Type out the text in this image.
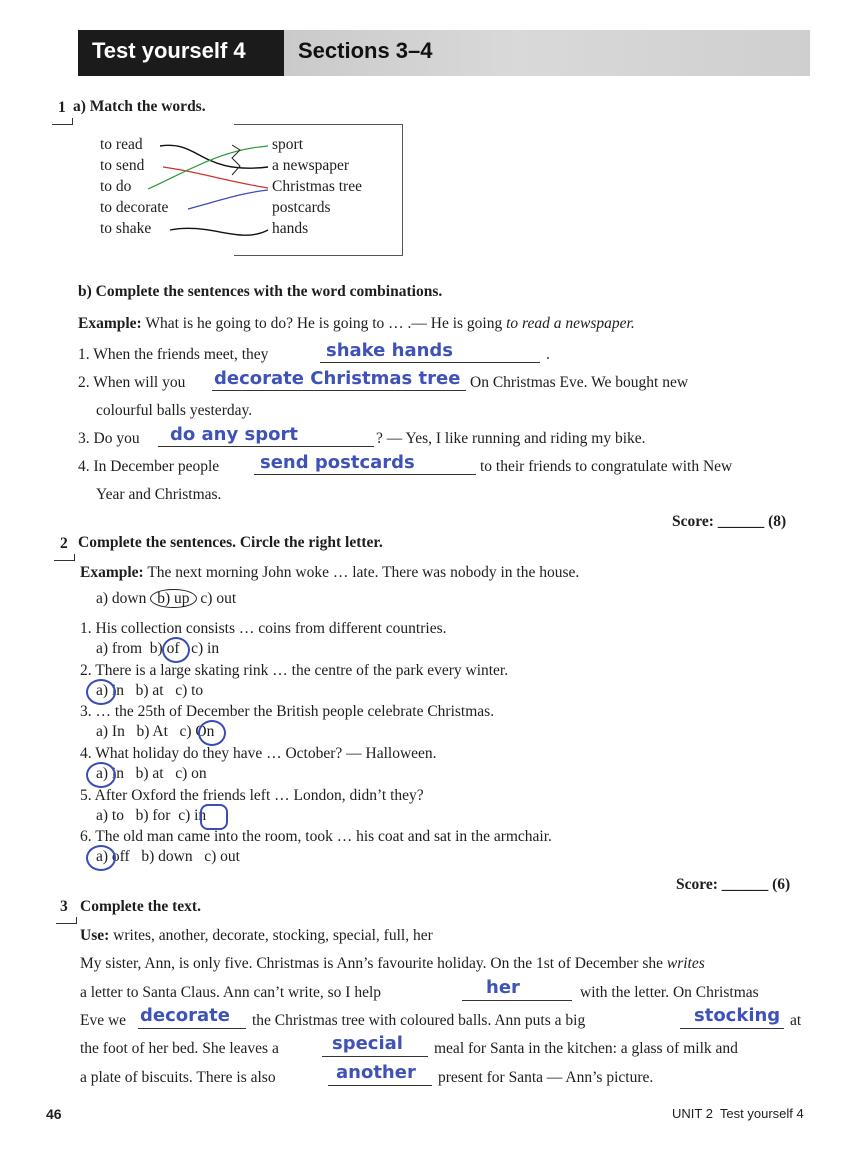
Test yourself 4 Sections 3–4
1 a) Match the words.
to read
to send
to do
to decorate
to shake
sport
a newspaper
Christmas tree
postcards
hands
b) Complete the sentences with the word combinations.
Example: What is he going to do? He is going to … .— He is going to read a newspaper.
1. When the friends meet, they	shake hands	.
2. When will you decorate Christmas tree On Christmas Eve. We bought new
colourful balls yesterday.
3. Do you do any sport	? — Yes, I like running and riding my bike.
4. In December people send postcards	to their friends to congratulate with New
Year and Christmas.
Score: ______ (8)
2 Complete the sentences. Circle the right letter.
Example: The next morning John woke … late. There was nobody in the house.
a) down b) up c) out
1. His collection consists … coins from different countries.
a) from  b) of   c) in
2. There is a large skating rink … the centre of the park every winter.
a) in   b) at   c) to
3. … the 25th of December the British people celebrate Christmas.
a) In   b) At   c) On
4. What holiday do they have … October? — Halloween.
a) in   b) at   c) on
5. After Oxford the friends left … London, didn’t they?
a) to   b) for  c) in
6. The old man came into the room, took … his coat and sat in the armchair.
a) off   b) down   c) out
Score: ______ (6)
3 Complete the text.
Use: writes, another, decorate, stocking, special, full, her
My sister, Ann, is only five. Christmas is Ann’s favourite holiday. On the 1st of December she writes
a letter to Santa Claus. Ann can’t write, so I help	her	with the letter. On Christmas
Eve we decorate the Christmas tree with coloured balls. Ann puts a big	stocking at
the foot of her bed. She leaves a	special meal for Santa in the kitchen: a glass of milk and
a plate of biscuits. There is also	another present for Santa — Ann’s picture.
46	UNIT 2  Test yourself 4
